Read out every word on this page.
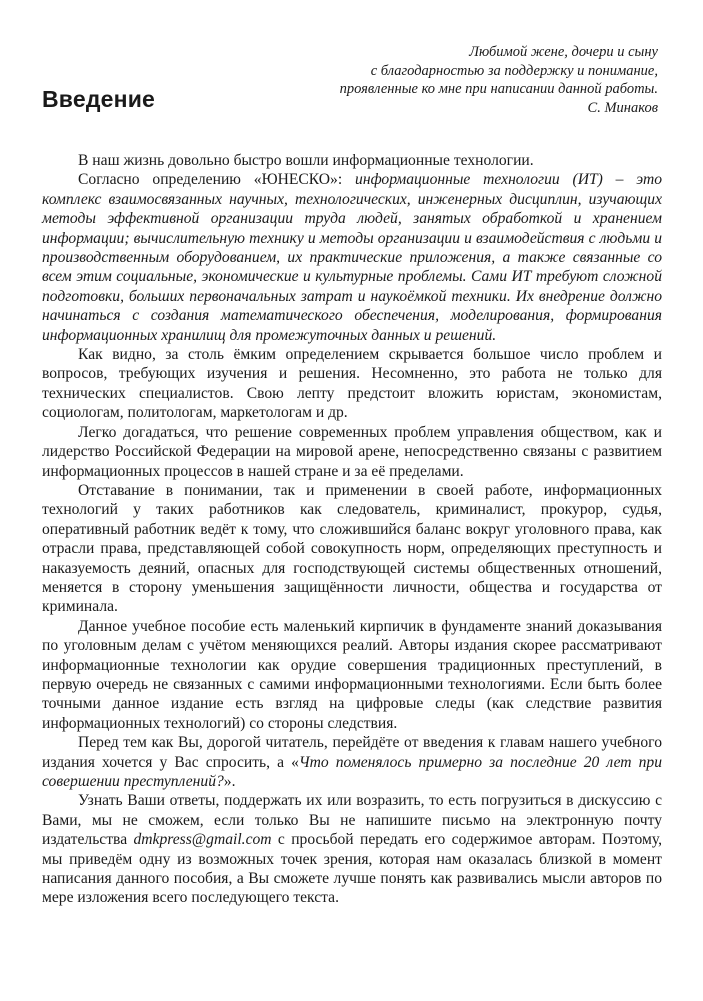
Любимой жене, дочери и сыну
с благодарностью за поддержку и понимание,
проявленные ко мне при написании данной работы.
С. Минаков
Введение

В наш жизнь довольно быстро вошли информационные технологии.

Согласно определению «ЮНЕСКО»: информационные технологии (ИТ) – это комплекс взаимосвязанных научных, технологических, инженерных дисциплин, изучающих методы эффективной организации труда людей, занятых обработкой и хранением информации; вычислительную технику и методы организации и взаимодействия с людьми и производственным оборудованием, их практические приложения, а также связанные со всем этим социальные, экономические и культурные проблемы. Сами ИТ требуют сложной подготовки, больших первоначальных затрат и наукоёмкой техники. Их внедрение должно начинаться с создания математического обеспечения, моделирования, формирования информационных хранилищ для промежуточных данных и решений.

Как видно, за столь ёмким определением скрывается большое число проблем и вопросов, требующих изучения и решения. Несомненно, это работа не только для технических специалистов. Свою лепту предстоит вложить юристам, экономистам, социологам, политологам, маркетологам и др.

Легко догадаться, что решение современных проблем управления обществом, как и лидерство Российской Федерации на мировой арене, непосредственно связаны с развитием информационных процессов в нашей стране и за её пределами.

Отставание в понимании, так и применении в своей работе, информационных технологий у таких работников как следователь, криминалист, прокурор, судья, оперативный работник ведёт к тому, что сложившийся баланс вокруг уголовного права, как отрасли права, представляющей собой совокупность норм, определяющих преступность и наказуемость деяний, опасных для господствующей системы общественных отношений, меняется в сторону уменьшения защищённости личности, общества и государства от криминала.

Данное учебное пособие есть маленький кирпичик в фундаменте знаний доказывания по уголовным делам с учётом меняющихся реалий. Авторы издания скорее рассматривают информационные технологии как орудие совершения традиционных преступлений, в первую очередь не связанных с самими информационными технологиями. Если быть более точными данное издание есть взгляд на цифровые следы (как следствие развития информационных технологий) со стороны следствия.

Перед тем как Вы, дорогой читатель, перейдёте от введения к главам нашего учебного издания хочется у Вас спросить, а «Что поменялось примерно за последние 20 лет при совершении преступлений?».

Узнать Ваши ответы, поддержать их или возразить, то есть погрузиться в дискуссию с Вами, мы не сможем, если только Вы не напишите письмо на электронную почту издательства dmkpress@gmail.com с просьбой передать его содержимое авторам. Поэтому, мы приведём одну из возможных точек зрения, которая нам оказалась близкой в момент написания данного пособия, а Вы сможете лучше понять как развивались мысли авторов по мере изложения всего последующего текста.
